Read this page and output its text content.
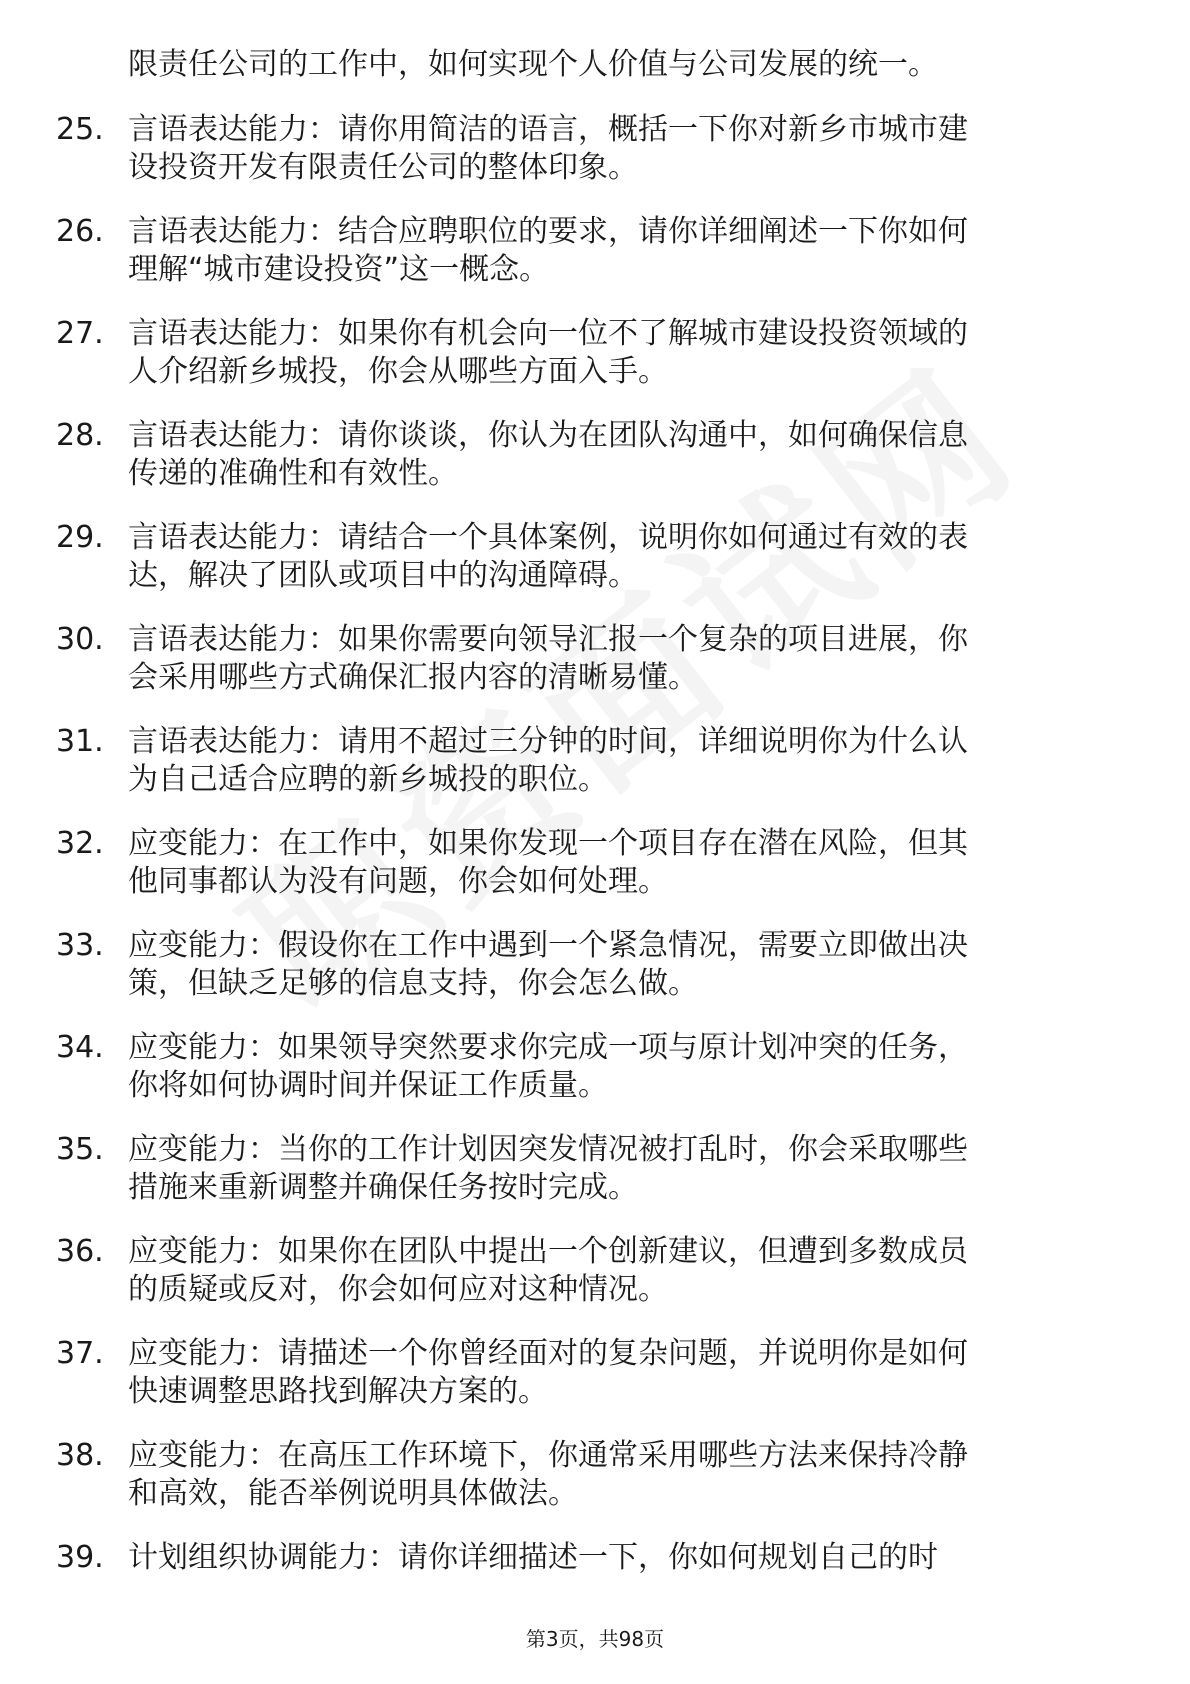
限责任公司的工作中，如何实现个人价值与公司发展的统一。
25. 言语表达能力：请你用简洁的语言，概括一下你对新乡市城市建
设投资开发有限责任公司的整体印象。
26. 言语表达能力：结合应聘职位的要求，请你详细阐述一下你如何
理解“城市建设投资”这一概念。
27. 言语表达能力：如果你有机会向一位不了解城市建设投资领域的
人介绍新乡城投，你会从哪些方面入手。
28. 言语表达能力：请你谈谈，你认为在团队沟通中，如何确保信息
传递的准确性和有效性。
29. 言语表达能力：请结合一个具体案例，说明你如何通过有效的表
达，解决了团队或项目中的沟通障碍。
30. 言语表达能力：如果你需要向领导汇报一个复杂的项目进展，你
会采用哪些方式确保汇报内容的清晰易懂。
31. 言语表达能力：请用不超过三分钟的时间，详细说明你为什么认
为自己适合应聘的新乡城投的职位。
32. 应变能力：在工作中，如果你发现一个项目存在潜在风险，但其
他同事都认为没有问题，你会如何处理。
33. 应变能力：假设你在工作中遇到一个紧急情况，需要立即做出决
策，但缺乏足够的信息支持，你会怎么做。
34. 应变能力：如果领导突然要求你完成一项与原计划冲突的任务，
你将如何协调时间并保证工作质量。
35. 应变能力：当你的工作计划因突发情况被打乱时，你会采取哪些
措施来重新调整并确保任务按时完成。
36. 应变能力：如果你在团队中提出一个创新建议，但遭到多数成员
的质疑或反对，你会如何应对这种情况。
37. 应变能力：请描述一个你曾经面对的复杂问题，并说明你是如何
快速调整思路找到解决方案的。
38. 应变能力：在高压工作环境下，你通常采用哪些方法来保持冷静
和高效，能否举例说明具体做法。
39. 计划组织协调能力：请你详细描述一下，你如何规划自己的时
第3页，共98页
